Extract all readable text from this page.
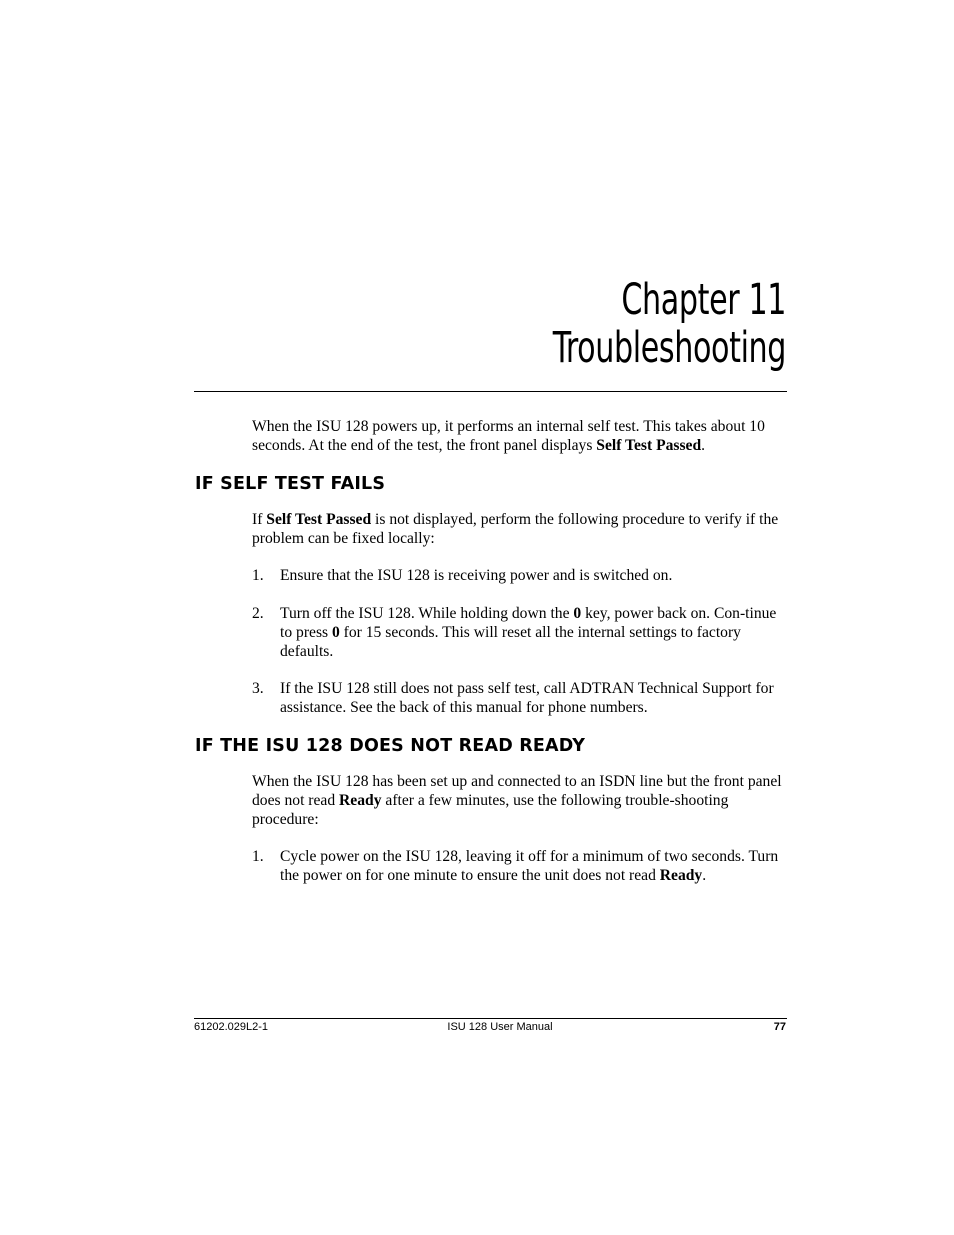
Chapter 11
Troubleshooting
When the ISU 128 powers up, it performs an internal self test. This takes about 10 seconds. At the end of the test, the front panel displays Self Test Passed.
IF SELF TEST FAILS
If Self Test Passed is not displayed, perform the following procedure to verify if the problem can be fixed locally:
1. Ensure that the ISU 128 is receiving power and is switched on.
2. Turn off the ISU 128. While holding down the 0 key, power back on. Con-tinue to press 0 for 15 seconds. This will reset all the internal settings to factory defaults.
3. If the ISU 128 still does not pass self test, call ADTRAN Technical Support for assistance. See the back of this manual for phone numbers.
IF THE ISU 128 DOES NOT READ READY
When the ISU 128 has been set up and connected to an ISDN line but the front panel does not read Ready after a few minutes, use the following trouble-shooting procedure:
1. Cycle power on the ISU 128, leaving it off for a minimum of two seconds. Turn the power on for one minute to ensure the unit does not read Ready.
61202.029L2-1	ISU 128 User Manual	77
